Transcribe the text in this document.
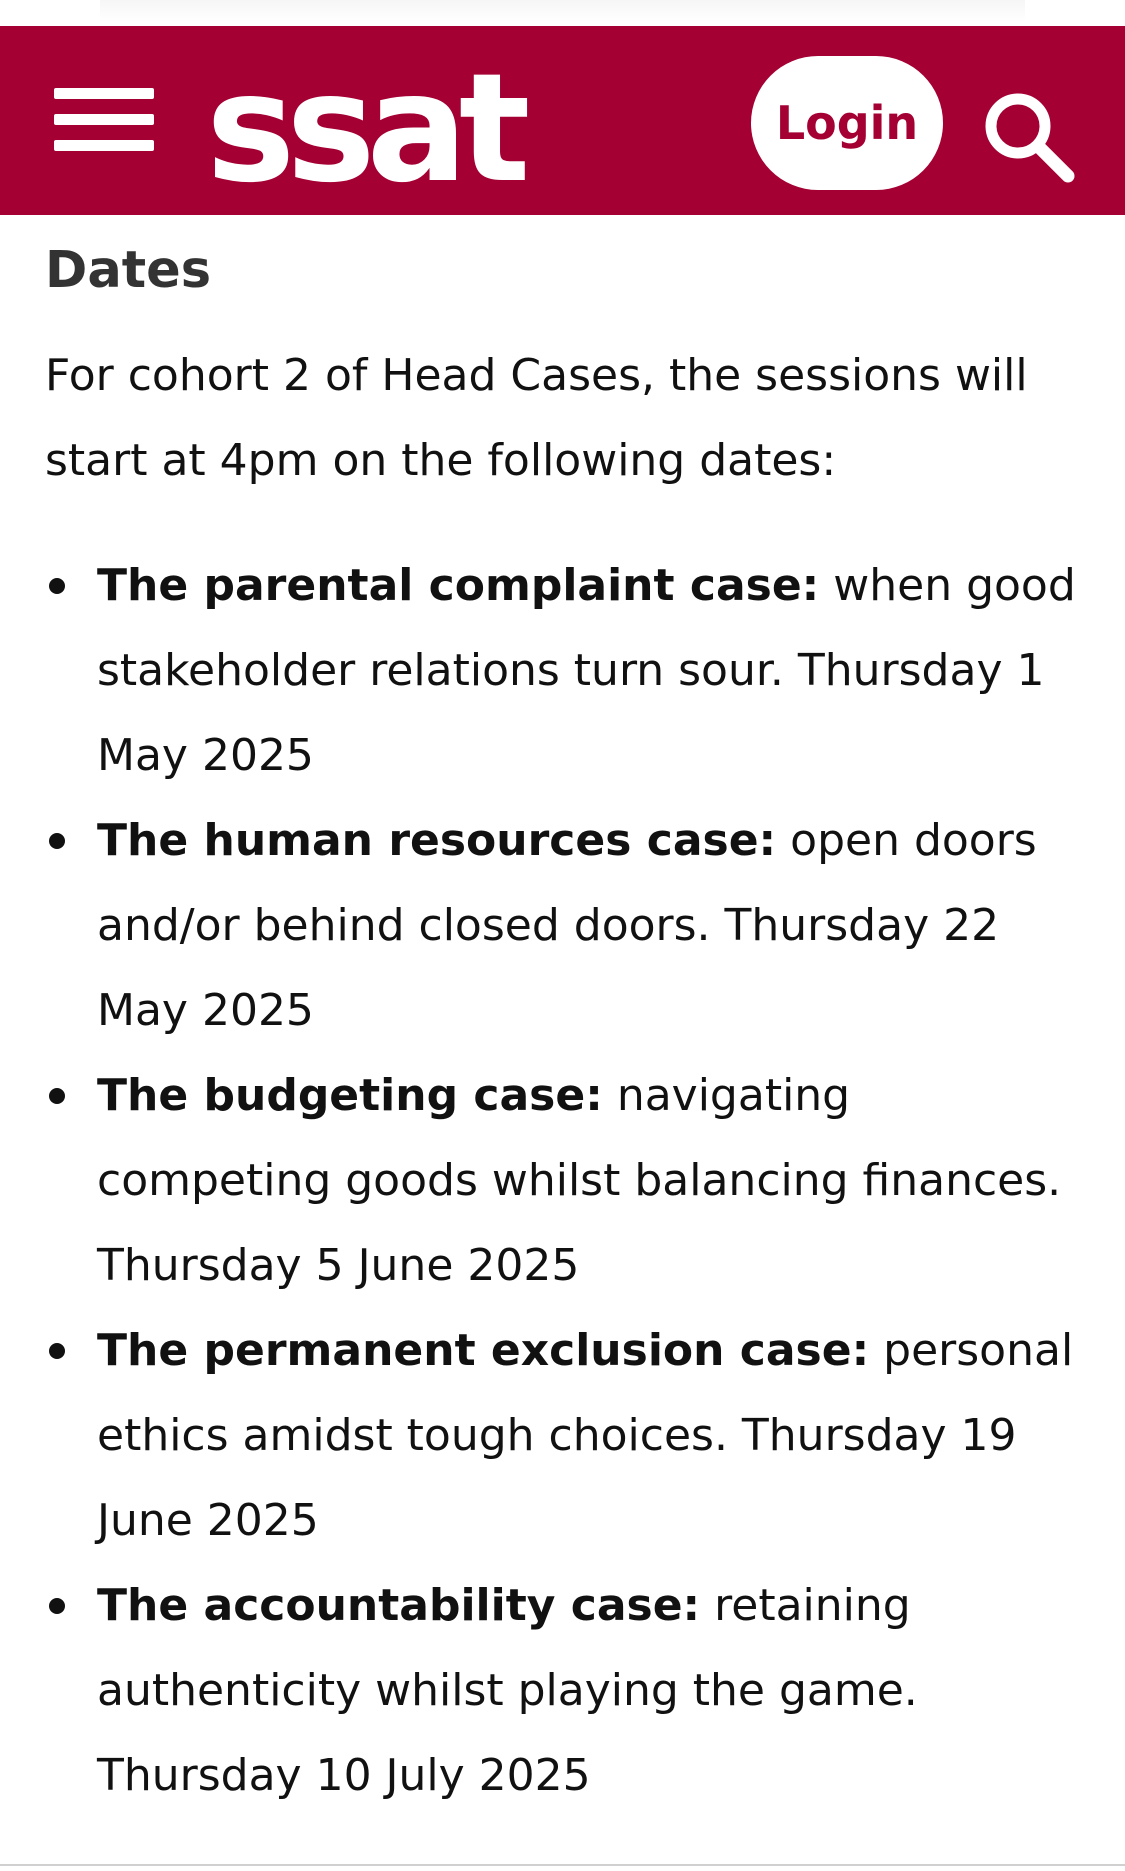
ssat	Login
Dates

For cohort 2 of Head Cases, the sessions will start at 4pm on the following dates:

The parental complaint case: when good stakeholder relations turn sour. Thursday 1 May 2025
The human resources case: open doors and/or behind closed doors. Thursday 22 May 2025
The budgeting case: navigating competing goods whilst balancing finances. Thursday 5 June 2025
The permanent exclusion case: personal ethics amidst tough choices. Thursday 19 June 2025
The accountability case: retaining authenticity whilst playing the game. Thursday 10 July 2025
